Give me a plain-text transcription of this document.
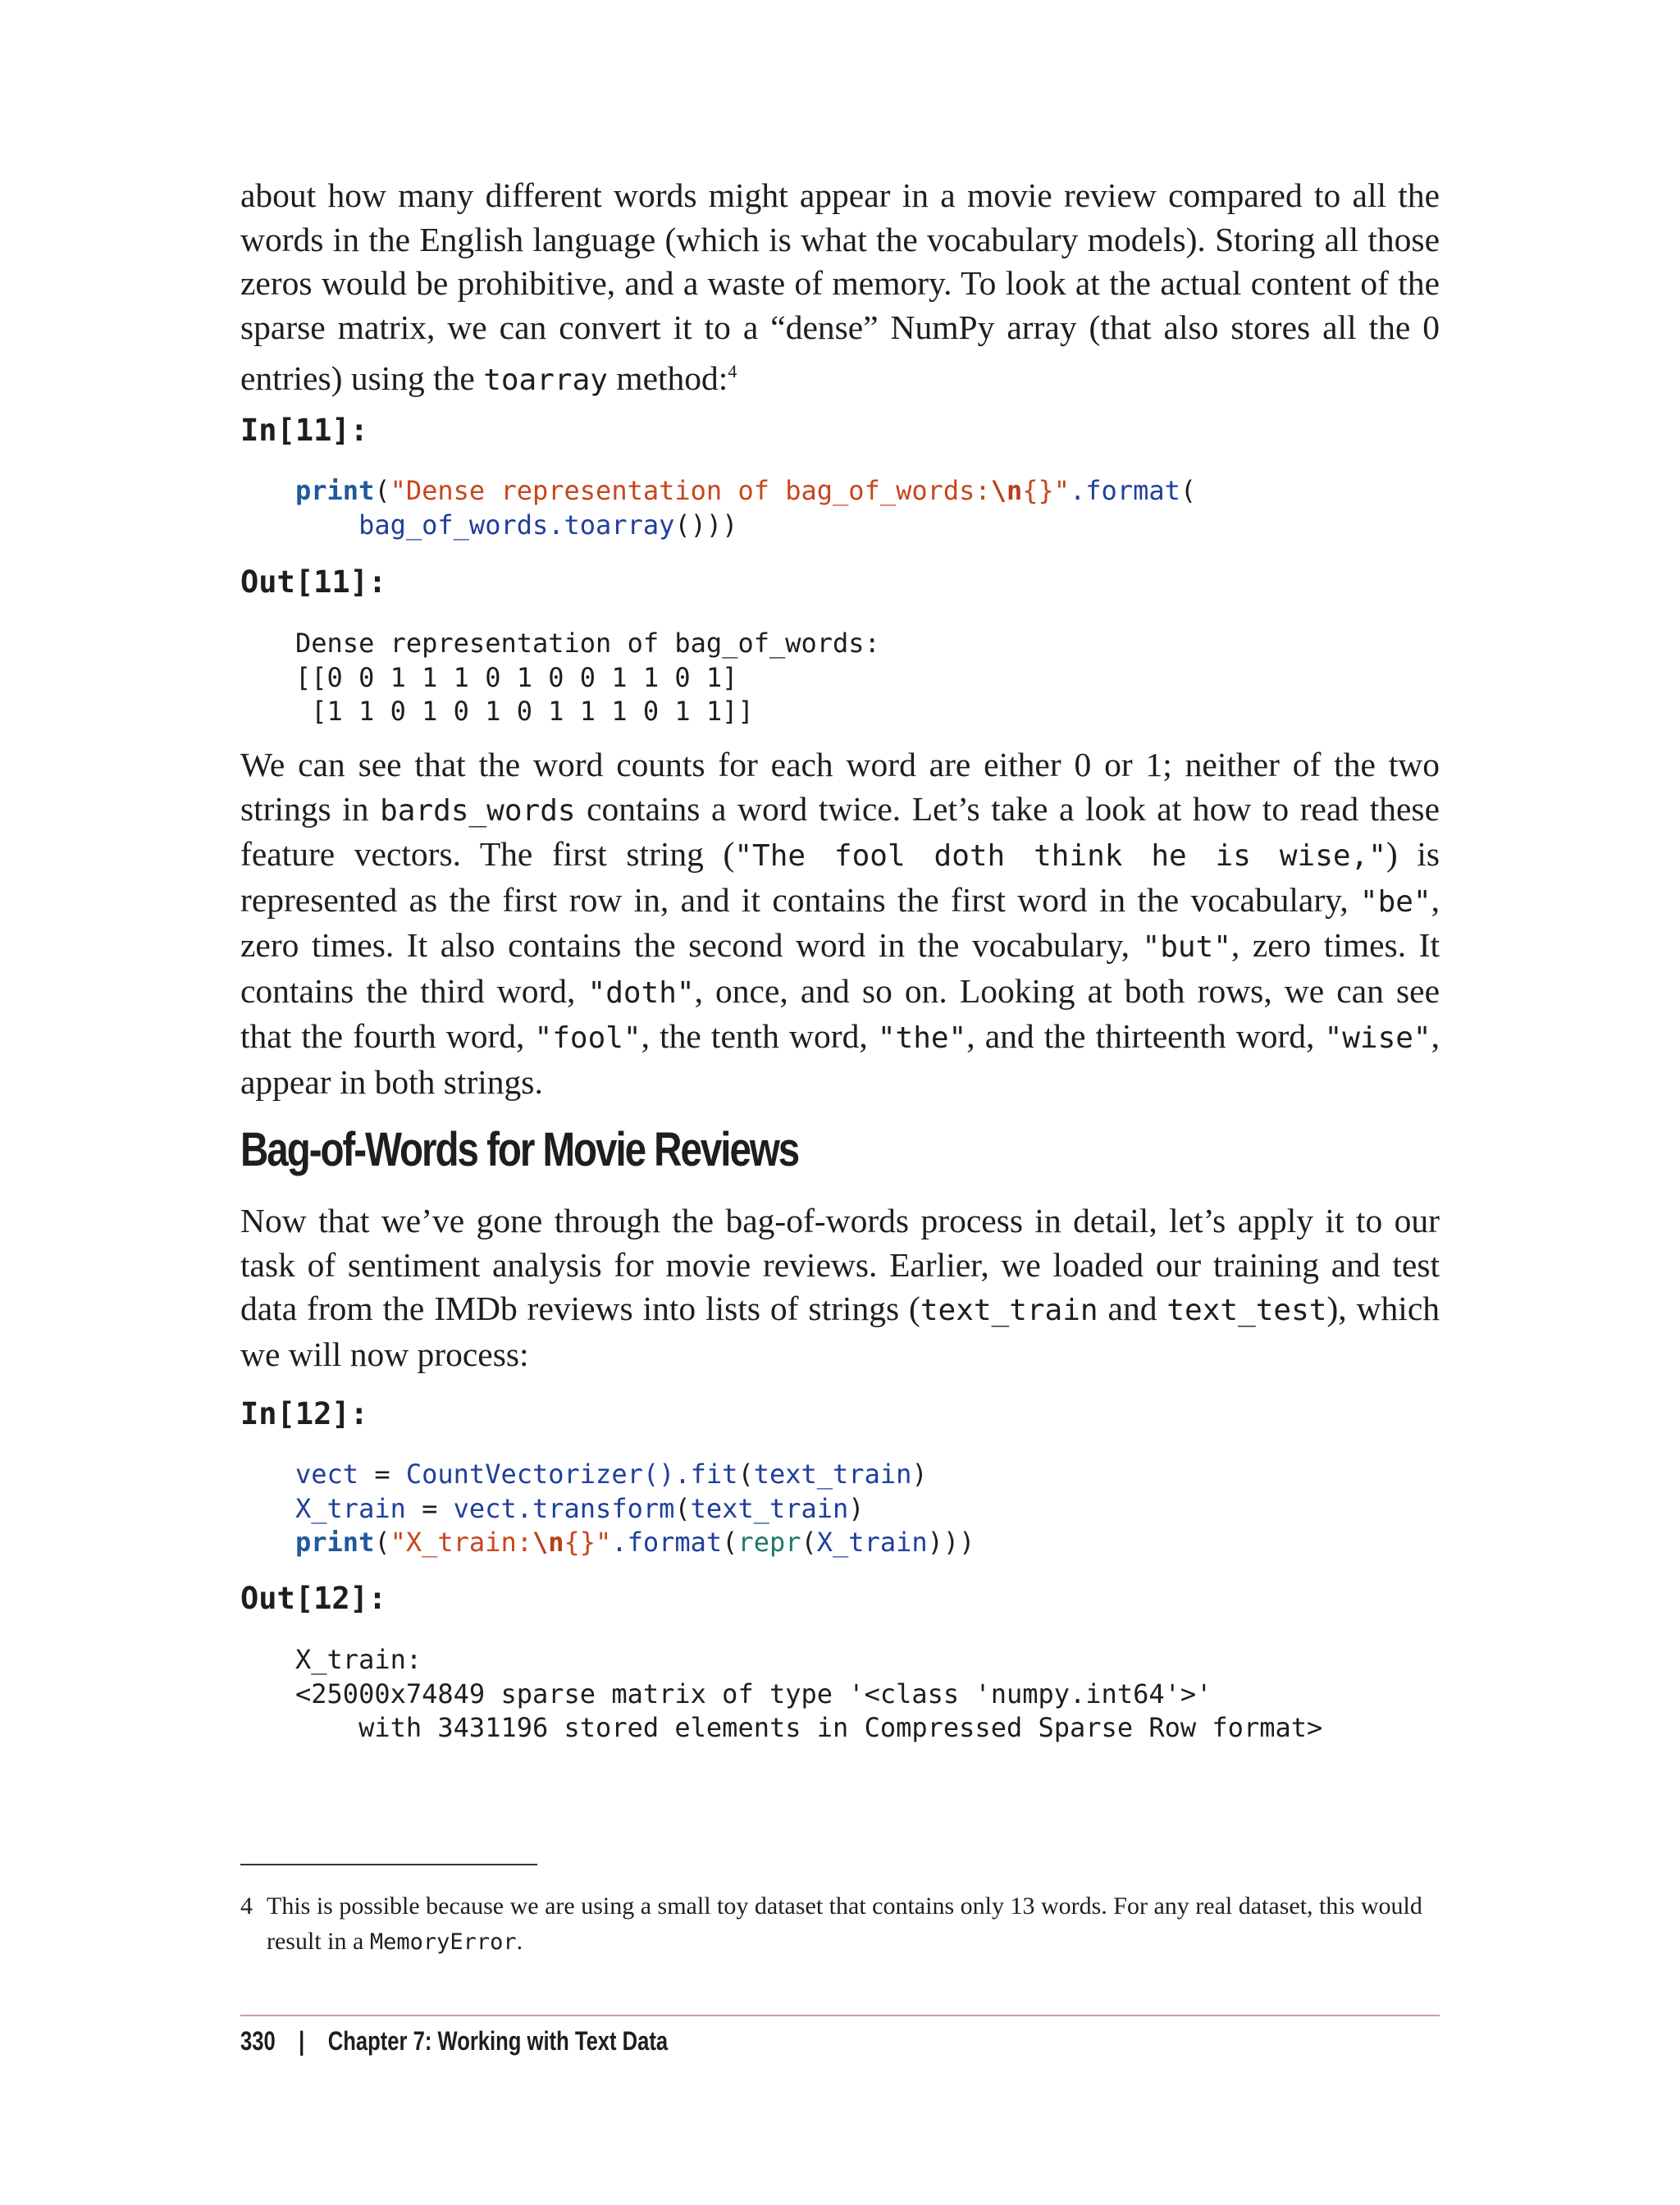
about how many different words might appear in a movie review compared to all the words in the English language (which is what the vocabulary models). Storing all those zeros would be prohibitive, and a waste of memory. To look at the actual content of the sparse matrix, we can convert it to a “dense” NumPy array (that also stores all the 0 entries) using the toarray method:$^4$

In[11]:
print("Dense representation of bag_of_words:\n{}".format(
bag_of_words.toarray()))
Out[11]:
Dense representation of bag_of_words:
[[0 0 1 1 1 0 1 0 0 1 1 0 1]
[1 1 0 1 0 1 0 1 1 1 0 1 1]]

We can see that the word counts for each word are either 0 or 1; neither of the two strings in bards_words contains a word twice. Let’s take a look at how to read these feature vectors. The first string ("The fool doth think he is wise,") is represented as the first row in, and it contains the first word in the vocabulary, "be", zero times. It also contains the second word in the vocabulary, "but", zero times. It contains the third word, "doth", once, and so on. Looking at both rows, we can see that the fourth word, "fool", the tenth word, "the", and the thirteenth word, "wise", appear in both strings.

Bag-of-Words for Movie Reviews

Now that we’ve gone through the bag-of-words process in detail, let’s apply it to our task of sentiment analysis for movie reviews. Earlier, we loaded our training and test data from the IMDb reviews into lists of strings (text_train and text_test), which we will now process:

In[12]:
vect = CountVectorizer().fit(text_train)
X_train = vect.transform(text_train)
print("X_train:\n{}".format(repr(X_train)))
Out[12]:
X_train:
<25000x74849 sparse matrix of type '<class 'numpy.int64'>'
with 3431196 stored elements in Compressed Sparse Row format>

4 This is possible because we are using a small toy dataset that contains only 13 words. For any real dataset, this would result in a MemoryError.

330 | Chapter 7: Working with Text Data
